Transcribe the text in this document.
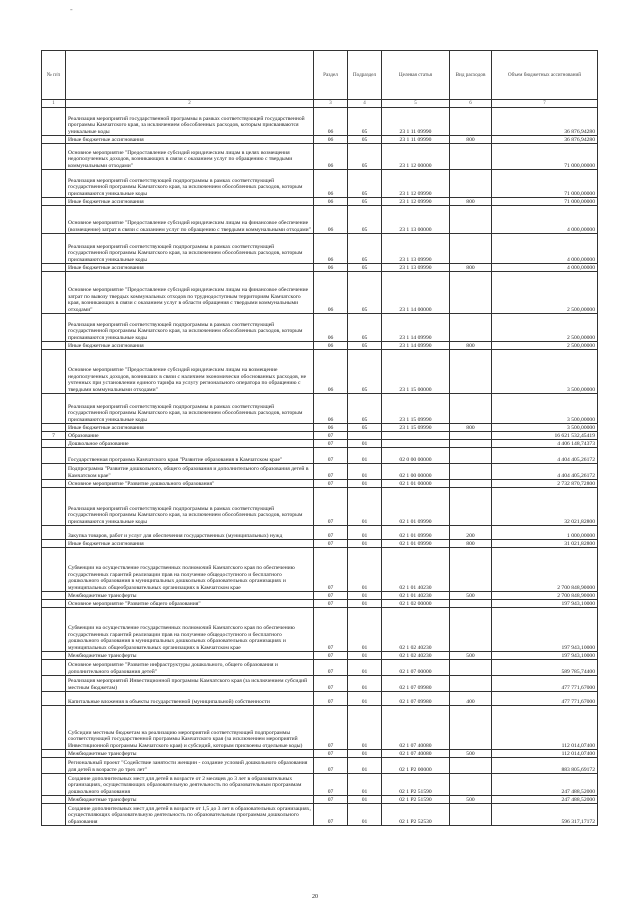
-
№ п/п		Раздел	Подраздел	Целевая статья	Вид расходов	Объем бюджетных ассигнований
1	2	3	4	5	6	7
	Реализация мероприятий государственной программы в рамках соответствующей государственной программы Камчатского края, за исключением обособленных расходов, которым присваиваются уникальные коды	06	05	23 1 11 09990		36 876,94280
	Иные бюджетные ассигнования	06	05	23 1 11 09990	800	36 876,94280
	Основное мероприятие "Предоставление субсидий юридическим лицам в целях возмещения недополученных доходов, возникающих в связи с оказанием услуг по обращению с твердыми коммунальными отходами"	06	05	23 1 12 00000		71 000,00000
	Реализация мероприятий соответствующей подпрограммы в рамках соответствующей государственной программы Камчатского края, за исключением обособленных расходов, которым присваиваются уникальные коды	06	05	23 1 12 09990		71 000,00000
	Иные бюджетные ассигнования	06	05	23 1 12 09990	800	71 000,00000
	Основное мероприятие "Предоставление субсидий юридическим лицам на финансовое обеспечение (возмещение) затрат в связи с оказанием услуг по обращению с твердыми коммунальными отходами"	06	05	23 1 13 00000		4 000,00000
	Реализация мероприятий соответствующей подпрограммы в рамках соответствующей государственной программы Камчатского края, за исключением обособленных расходов, которым присваиваются уникальные коды	06	05	23 1 13 09990		4 000,00000
	Иные бюджетные ассигнования	06	05	23 1 13 09990	800	4 000,00000
	Основное мероприятие "Предоставление субсидий юридическим лицам на финансовое обеспечение затрат по вывозу твердых коммунальных отходов по труднодоступным территориям Камчатского края, возникающих в связи с оказанием услуг в области обращения с твердыми коммунальными отходами"	06	05	23 1 14 00000		2 500,00000
	Реализация мероприятий соответствующей подпрограммы в рамках соответствующей государственной программы Камчатского края, за исключением обособленных расходов, которым присваиваются уникальные коды	06	05	23 1 14 09990		2 500,00000
	Иные бюджетные ассигнования	06	05	23 1 14 09990	800	2 500,00000
	Основное мероприятие "Предоставление субсидий юридическим лицам на возмещение недополученных доходов, возникших в связи с наличием экономически обоснованных расходов, не учтенных при установлении единого тарифа на услугу регионального оператора по обращению с твердыми коммунальными отходами"	06	05	23 1 15 00000		3 500,00000
	Реализация мероприятий соответствующей подпрограммы в рамках соответствующей государственной программы Камчатского края, за исключением обособленных расходов, которым присваиваются уникальные коды	06	05	23 1 15 09990		3 500,00000
	Иные бюджетные ассигнования	06	05	23 1 15 09990	800	3 500,00000
7	Образование	07				16 621 532,45419
	Дошкольное образование	07	01			4 406 148,74373
	Государственная программа Камчатского края "Развитие образования в Камчатском крае"	07	01	02 0 00 00000		4 404 405,26172
	Подпрограмма "Развитие дошкольного, общего образования и дополнительного образования детей в Камчатском крае"	07	01	02 1 00 00000		4 404 405,26172
	Основное мероприятие "Развитие дошкольного образования"	07	01	02 1 01 00000		2 732 870,72800
	Реализация мероприятий соответствующей подпрограммы в рамках соответствующей государственной программы Камчатского края, за исключением обособленных расходов, которым присваиваются уникальные коды	07	01	02 1 01 09990		32 021,82800
	Закупка товаров, работ и услуг для обеспечения государственных (муниципальных) нужд	07	01	02 1 01 09990	200	1 000,00000
	Иные бюджетные ассигнования	07	01	02 1 01 09990	800	31 021,82800
	Субвенции на осуществление государственных полномочий Камчатского края по обеспечению государственных гарантий реализации прав на получение общедоступного и бесплатного дошкольного образования в муниципальных дошкольных образовательных организациях и муниципальных общеобразовательных организациях в Камчатском крае	07	01	02 1 01 40230		2 700 848,90000
	Межбюджетные трансферты	07	01	02 1 01 40230	500	2 700 848,90000
	Основное мероприятие "Развитие общего образования"	07	01	02 1 02 00000		197 943,10000
	Субвенции на осуществление государственных полномочий Камчатского края по обеспечению государственных гарантий реализации прав на получение общедоступного и бесплатного дошкольного образования в муниципальных дошкольных образовательных организациях и муниципальных общеобразовательных организациях в Камчатском крае	07	01	02 1 02 40230		197 943,10000
	Межбюджетные трансферты	07	01	02 1 02 40230	500	197 943,10000
	Основное мероприятие "Развитие инфраструктуры дошкольного, общего образования и дополнительного образования детей"	07	01	02 1 07 00000		589 785,74400
	Реализация мероприятий Инвестиционной программы Камчатского края (за исключением субсидий местным бюджетам)	07	01	02 1 07 09980		477 771,67000
	Капитальные вложения в объекты государственной (муниципальной) собственности	07	01	02 1 07 09980	400	477 771,67000
	Субсидии местным бюджетам на реализацию мероприятий соответствующей подпрограммы соответствующей государственной программы Камчатского края (за исключением мероприятий Инвестиционной программы Камчатского края) и субсидий, которым присвоены отдельные коды)	07	01	02 1 07 40080		112 014,07400
	Межбюджетные трансферты	07	01	02 1 07 40080	500	112 014,07400
	Региональный проект "Содействие занятости женщин - создание условий дошкольного образования для детей в возрасте до трех лет"	07	01	02 1 P2 00000		883 805,69172
	Создание дополнительных мест для детей в возрасте от 2 месяцев до 3 лет в образовательных организациях, осуществляющих образовательную деятельность по образовательным программам дошкольного образования	07	01	02 1 P2 51590		247 488,52000
	Межбюджетные трансферты	07	01	02 1 P2 51590	500	247 488,52000
	Создание дополнительных мест для детей в возрасте от 1,5 до 3 лет в образовательных организациях, осуществляющих образовательную деятельность по образовательным программам дошкольного образования	07	01	02 1 P2 52530		596 317,17172
20
